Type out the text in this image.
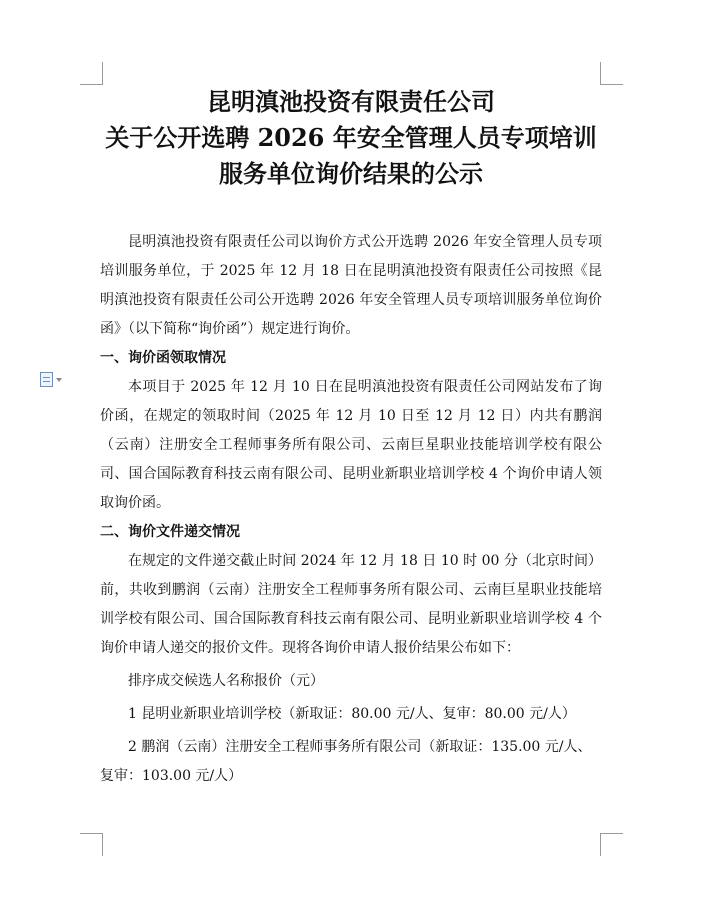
昆明滇池投资有限责任公司
关于公开选聘 2026 年安全管理人员专项培训
服务单位询价结果的公示

昆明滇池投资有限责任公司以询价方式公开选聘 2026 年安全管理人员专项培训服务单位，于 2025 年 12 月 18 日在昆明滇池投资有限责任公司按照《昆明滇池投资有限责任公司公开选聘 2026 年安全管理人员专项培训服务单位询价函》（以下简称“询价函”）规定进行询价。

一、询价函领取情况

本项目于 2025 年 12 月 10 日在昆明滇池投资有限责任公司网站发布了询价函，在规定的领取时间（2025 年 12 月 10 日至 12 月 12 日）内共有鹏润（云南）注册安全工程师事务所有限公司、云南巨星职业技能培训学校有限公司、国合国际教育科技云南有限公司、昆明业新职业培训学校 4 个询价申请人领取询价函。

二、询价文件递交情况

在规定的文件递交截止时间 2024 年 12 月 18 日 10 时 00 分（北京时间）前，共收到鹏润（云南）注册安全工程师事务所有限公司、云南巨星职业技能培训学校有限公司、国合国际教育科技云南有限公司、昆明业新职业培训学校 4 个询价申请人递交的报价文件。现将各询价申请人报价结果公布如下：

排序成交候选人名称报价（元）

1 昆明业新职业培训学校（新取证：80.00 元/人、复审：80.00 元/人）

2 鹏润（云南）注册安全工程师事务所有限公司（新取证：135.00 元/人、复审：103.00 元/人）
